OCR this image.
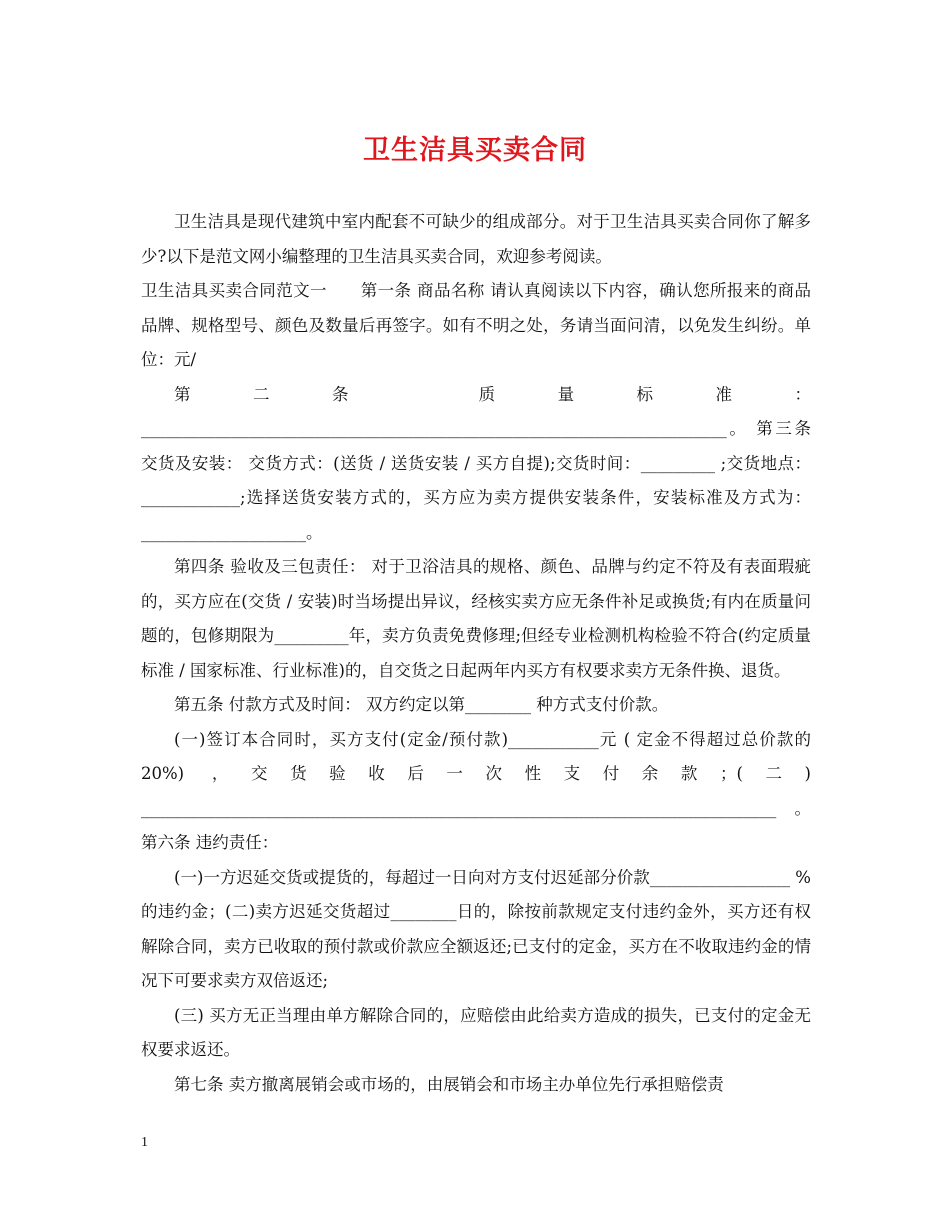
卫生洁具买卖合同

卫生洁具是现代建筑中室内配套不可缺少的组成部分。对于卫生洁具买卖合同你了解多少?以下是范文网小编整理的卫生洁具买卖合同，欢迎参考阅读。

卫生洁具买卖合同范文一　　第一条 商品名称 请认真阅读以下内容，确认您所报来的商品品牌、规格型号、颜色及数量后再签字。如有不明之处，务请当面问清，以免发生纠纷。单位：元/

第二条 质量标准：_______________________________________________________________________。 第三条 交货及安装： 交货方式：(送货 / 送货安装 / 买方自提);交货时间：_________ ;交货地点：____________;选择送货安装方式的，买方应为卖方提供安装条件，安装标准及方式为：____________________。

第四条 验收及三包责任： 对于卫浴洁具的规格、颜色、品牌与约定不符及有表面瑕疵的，买方应在(交货 / 安装)时当场提出异议，经核实卖方应无条件补足或换货;有内在质量问题的，包修期限为_________年，卖方负责免费修理;但经专业检测机构检验不符合(约定质量标准 / 国家标准、行业标准)的，自交货之日起两年内买方有权要求卖方无条件换、退货。

第五条 付款方式及时间： 双方约定以第________ 种方式支付价款。

(一)签订本合同时，买方支付(定金/预付款)___________元 ( 定金不得超过总价款的20%) ，交货验收后一次性支付余款；(二) _____________________________________________________________________________。 第六条 违约责任：

(一)一方迟延交货或提货的，每超过一日向对方支付迟延部分价款_________________ %的违约金；(二)卖方迟延交货超过________日的，除按前款规定支付违约金外，买方还有权解除合同，卖方已收取的预付款或价款应全额返还;已支付的定金，买方在不收取违约金的情况下可要求卖方双倍返还;

(三) 买方无正当理由单方解除合同的，应赔偿由此给卖方造成的损失，已支付的定金无权要求返还。

第七条 卖方撤离展销会或市场的，由展销会和市场主办单位先行承担赔偿责

1
